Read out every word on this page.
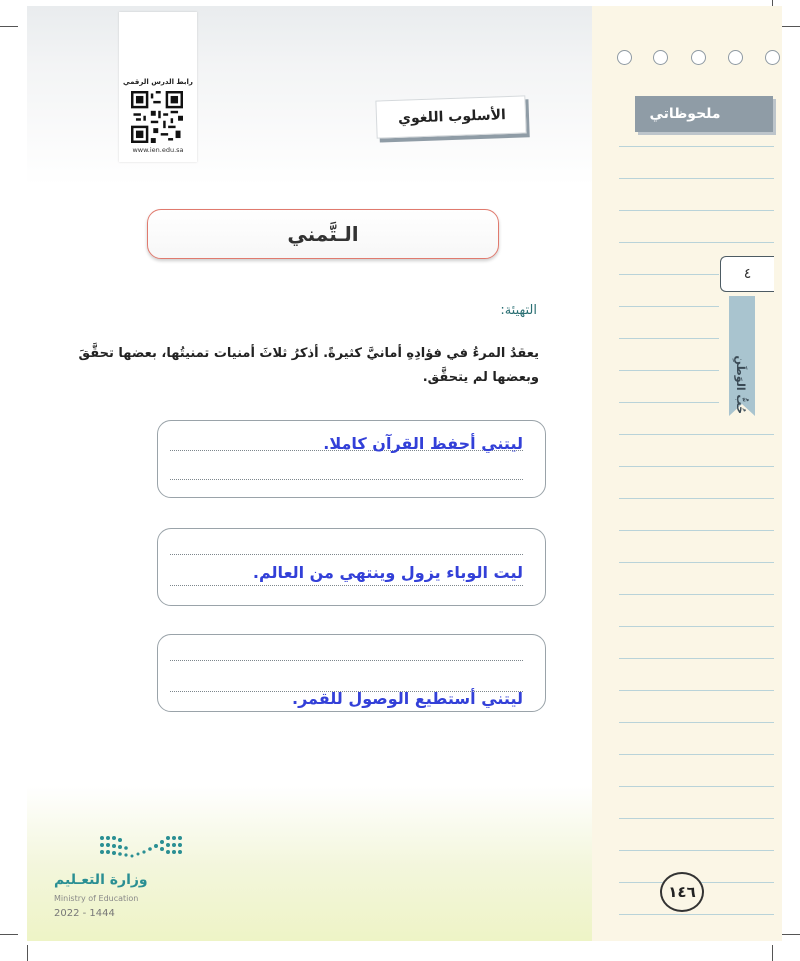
رابط الدرس الرقمي
www.ien.edu.sa
الأسلوب اللغوي
الـتَّمني
التهيئة:
يعقدُ المرءُ في فؤادِهِ أمانيَّ كثيرةً. أذكرُ ثلاثَ أمنيات تمنيتُها، بعضها تحقَّقَ وبعضها لم يتحقَّق.
ليتني أحفظ القرآن كاملا.
ليت الوباء يزول وينتهي من العالم.
ليتني أستطيع الوصول للقمر.
وزارة التعـليم
Ministry of Education
2022 - 1444
ملحوظاتي
٤
حُبُّ الوَطَنِ
١٤٦
